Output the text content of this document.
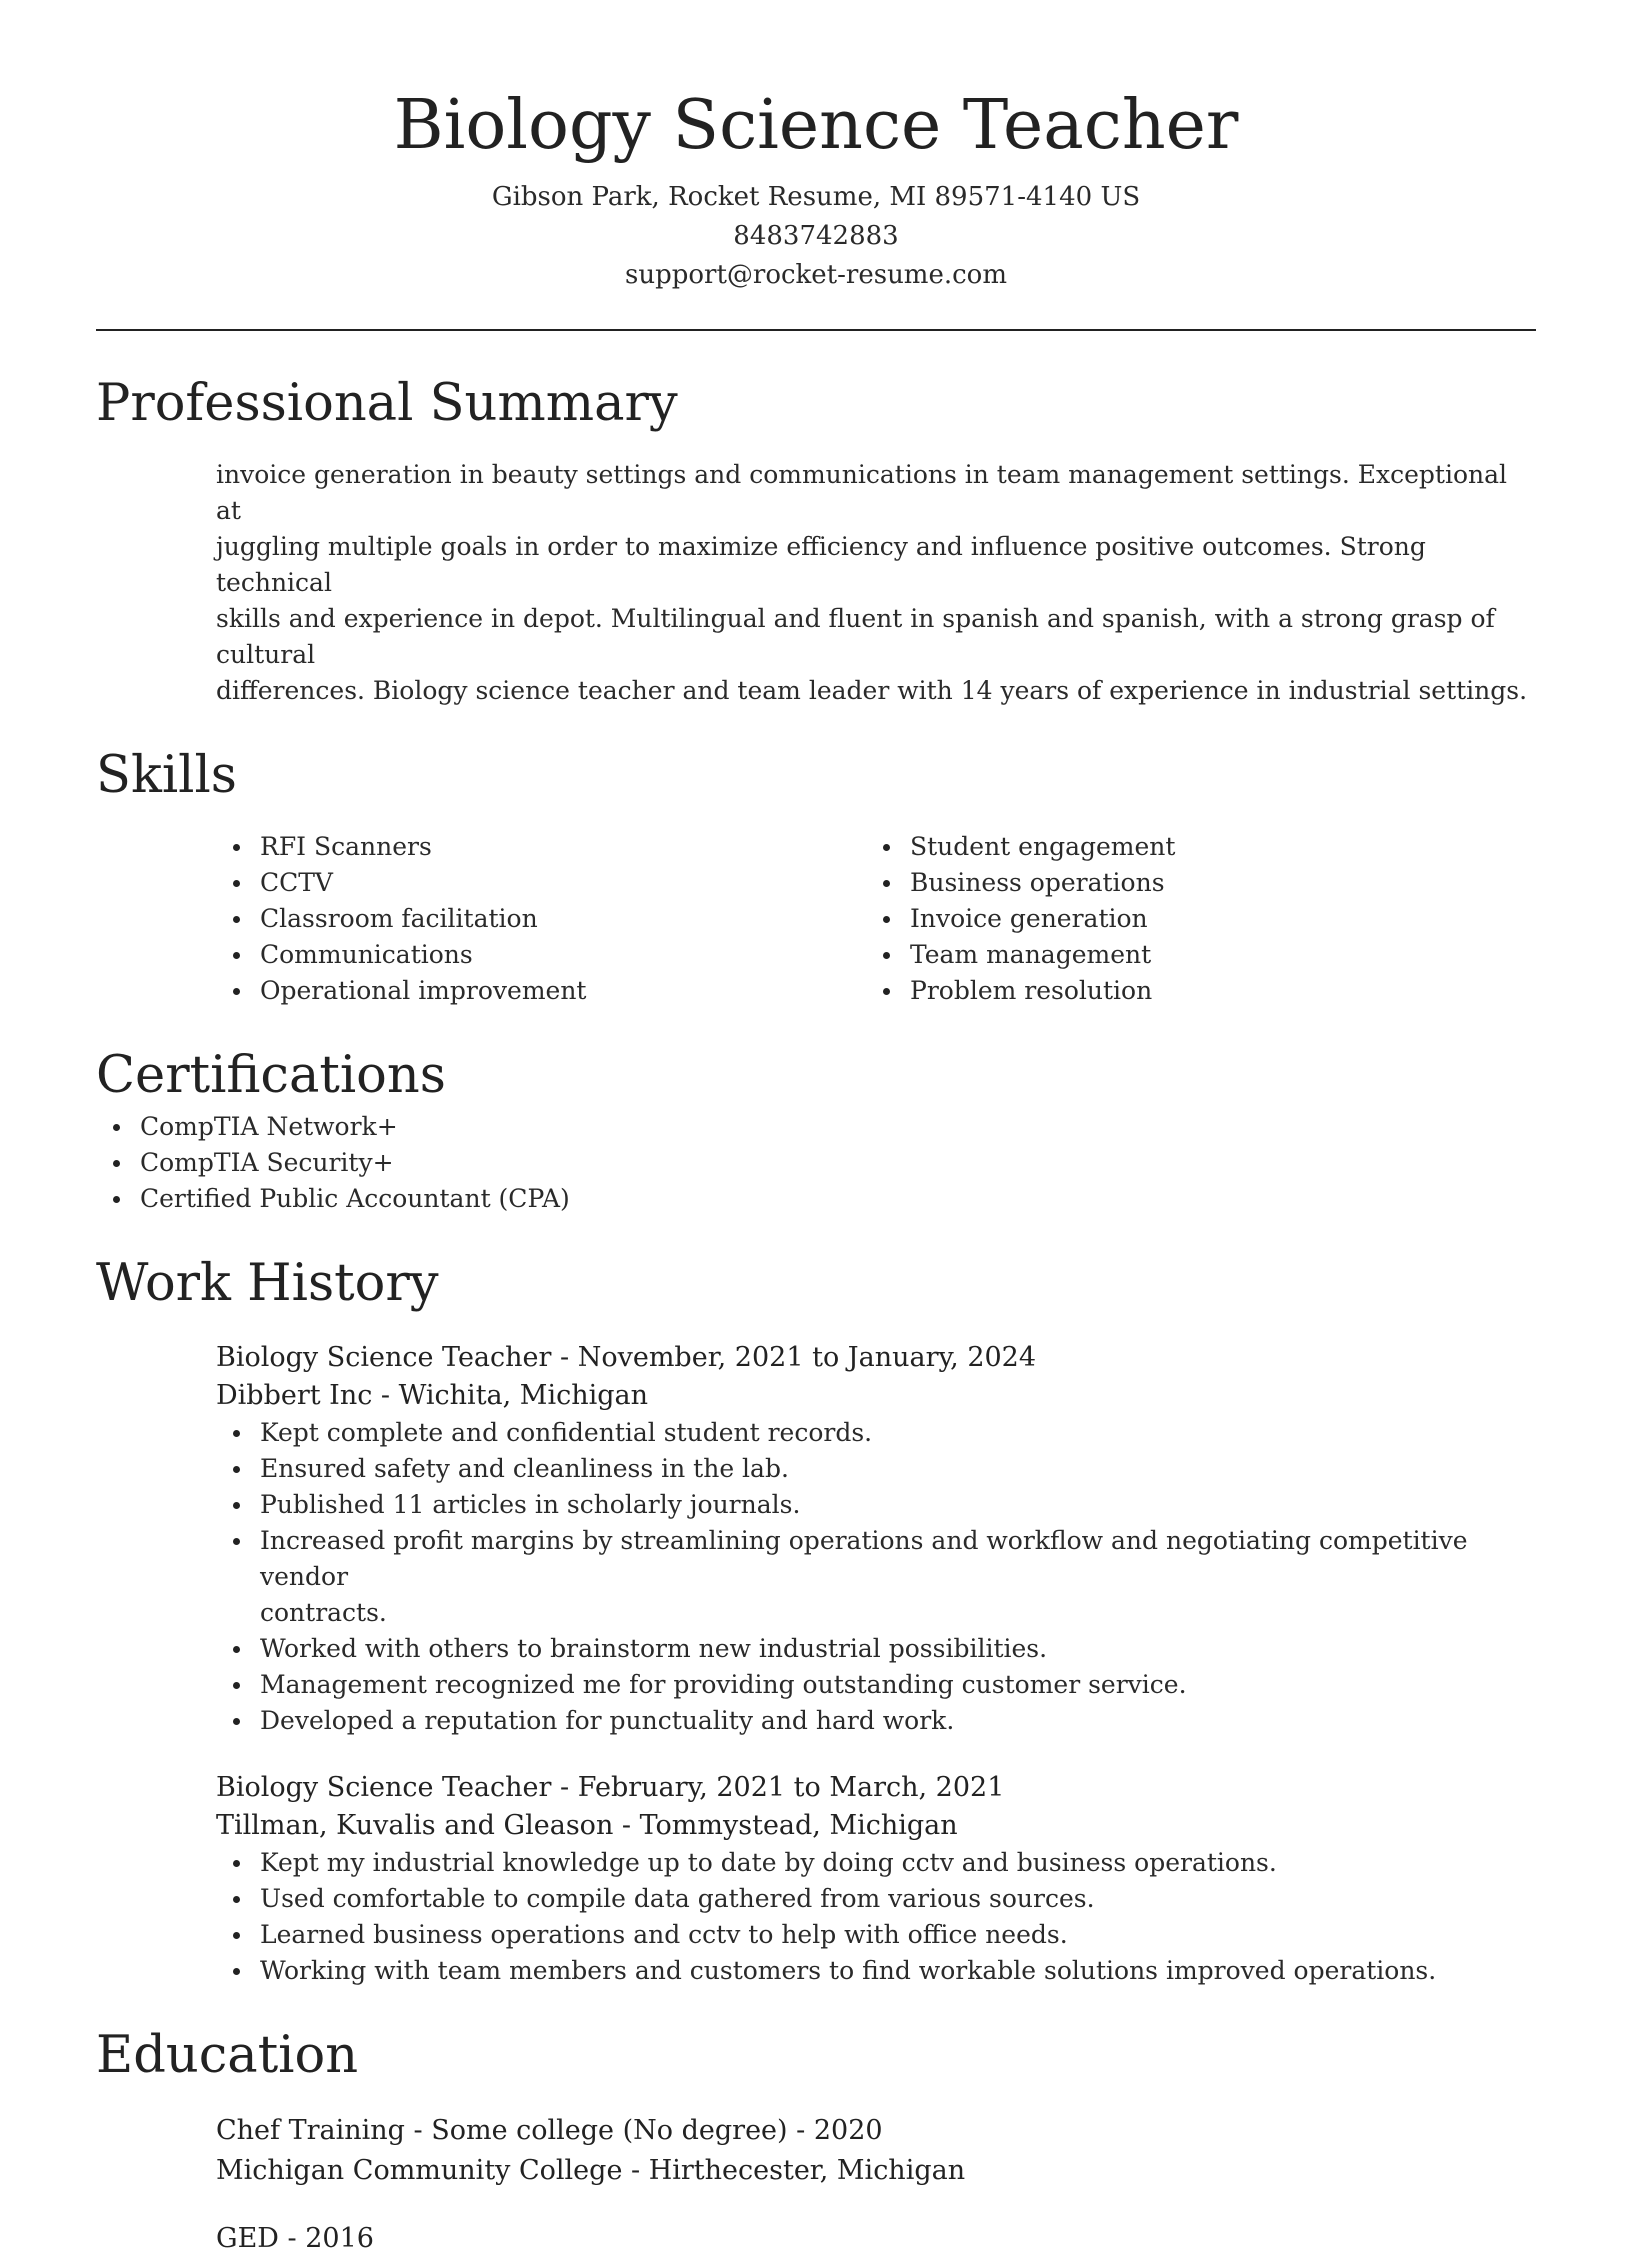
Biology Science Teacher
Gibson Park, Rocket Resume, MI 89571-4140 US
8483742883
support@rocket-resume.com
Professional Summary
invoice generation in beauty settings and communications in team management settings. Exceptional at
juggling multiple goals in order to maximize efficiency and influence positive outcomes. Strong technical
skills and experience in depot. Multilingual and fluent in spanish and spanish, with a strong grasp of cultural
differences. Biology science teacher and team leader with 14 years of experience in industrial settings.
Skills
RFI Scanners
CCTV
Classroom facilitation
Communications
Operational improvement
Student engagement
Business operations
Invoice generation
Team management
Problem resolution
Certifications
CompTIA Network+
CompTIA Security+
Certified Public Accountant (CPA)
Work History
Biology Science Teacher - November, 2021 to January, 2024
Dibbert Inc - Wichita, Michigan
Kept complete and confidential student records.
Ensured safety and cleanliness in the lab.
Published 11 articles in scholarly journals.
Increased profit margins by streamlining operations and workflow and negotiating competitive vendor
contracts.
Worked with others to brainstorm new industrial possibilities.
Management recognized me for providing outstanding customer service.
Developed a reputation for punctuality and hard work.
Biology Science Teacher - February, 2021 to March, 2021
Tillman, Kuvalis and Gleason - Tommystead, Michigan
Kept my industrial knowledge up to date by doing cctv and business operations.
Used comfortable to compile data gathered from various sources.
Learned business operations and cctv to help with office needs.
Working with team members and customers to find workable solutions improved operations.
Education
Chef Training - Some college (No degree) - 2020
Michigan Community College - Hirthecester, Michigan
GED - 2016
